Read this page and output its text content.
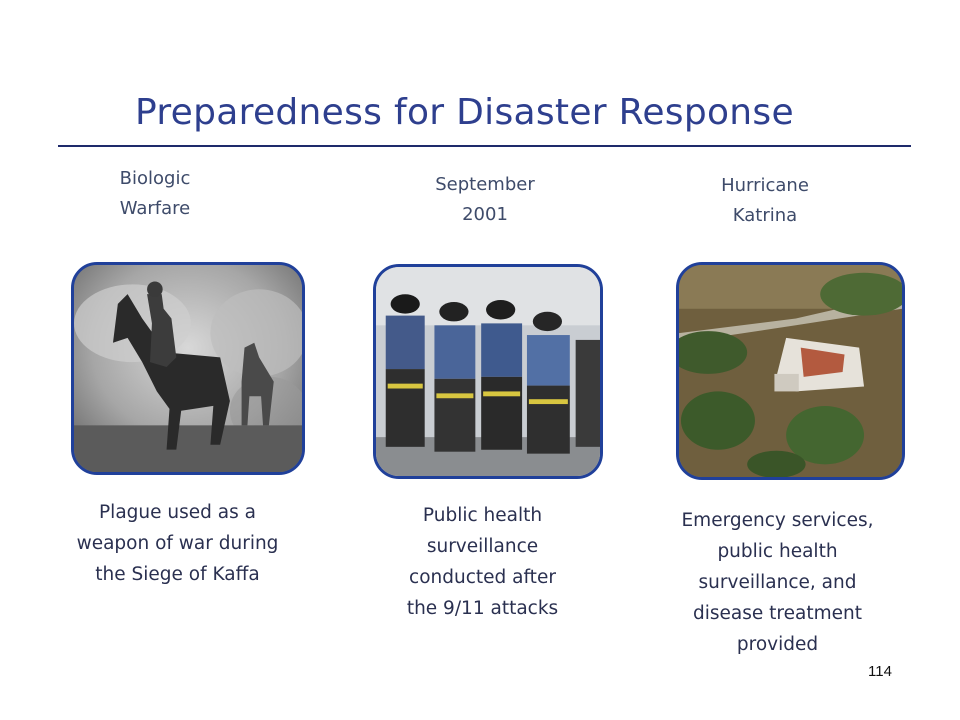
Preparedness for Disaster Response
Biologic
Warfare
September
2001
Hurricane
Katrina
Plague used as a
weapon of war during
the Siege of Kaffa
Public health
surveillance
conducted after
the 9/11 attacks
Emergency services,
public health
surveillance, and
disease treatment
provided
114
